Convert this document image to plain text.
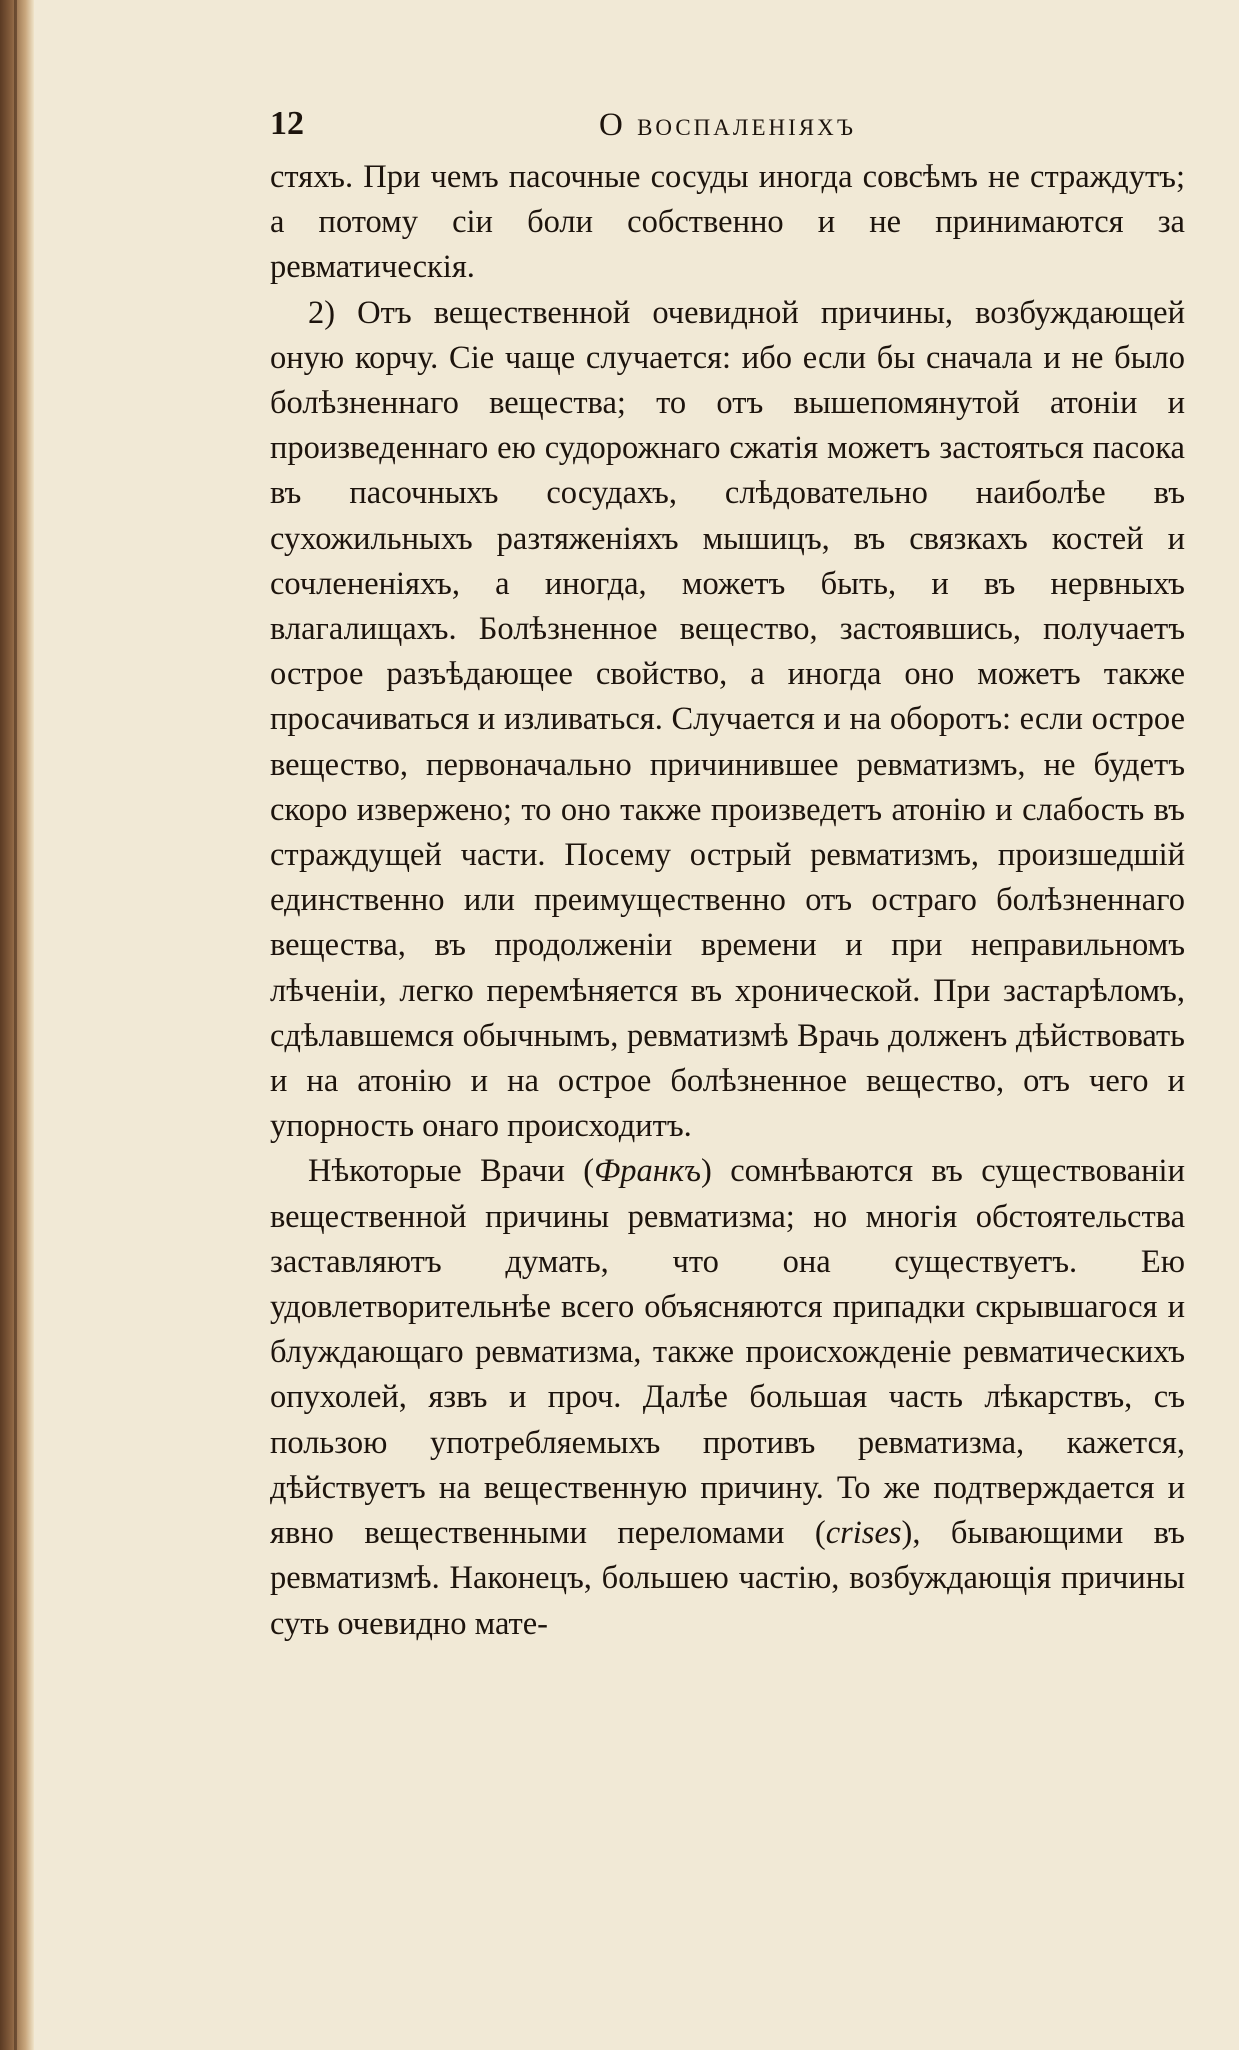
12	О воспаленіяхъ

стяхъ. При чемъ пасочные сосуды иногда совсѣмъ не страждутъ; а потому сіи боли собственно и не принимаются за ревматическія.

2) Отъ вещественной очевидной причины, возбуждающей оную корчу. Сіе чаще случается: ибо если бы сначала и не было болѣзненнаго вещества; то отъ вышепомянутой атоніи и произведеннаго ею судорожнаго сжатія можетъ застояться пасока въ пасочныхъ сосудахъ, слѣдовательно наиболѣе въ сухожильныхъ разтяженіяхъ мышицъ, въ связкахъ костей и сочлененіяхъ, а иногда, можетъ быть, и въ нервныхъ влагалищахъ. Болѣзненное вещество, застоявшись, получаетъ острое разъѣдающее свойство, а иногда оно можетъ также просачиваться и изливаться. Случается и на оборотъ: если острое вещество, первоначально причинившее ревматизмъ, не будетъ скоро извержено; то оно также произведетъ атонію и слабость въ страждущей части. Посему острый ревматизмъ, произшедшій единственно или преимущественно отъ остраго болѣзненнаго вещества, въ продолженіи времени и при неправильномъ лѣченіи, легко перемѣняется въ хронической. При застарѣломъ, сдѣлавшемся обычнымъ, ревматизмѣ Врачь долженъ дѣйствовать и на атонію и на острое болѣзненное вещество, отъ чего и упорность онаго происходитъ.

Нѣкоторые Врачи (Франкъ) сомнѣваются въ существованіи вещественной причины ревматизма; но многія обстоятельства заставляютъ думать, что она существуетъ. Ею удовлетворительнѣе всего объясняются припадки скрывшагося и блуждающаго ревматизма, также происхожденіе ревматическихъ опухолей, язвъ и проч. Далѣе большая часть лѣкарствъ, съ пользою употребляемыхъ противъ ревматизма, кажется, дѣйствуетъ на вещественную причину. То же подтверждается и явно вещественными переломами (crises), бывающими въ ревматизмѣ. Наконецъ, большею частію, возбуждающія причины суть очевидно мате-
